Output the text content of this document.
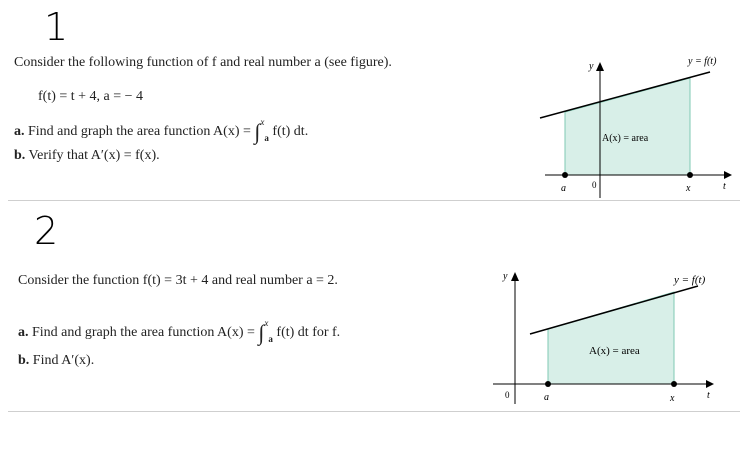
1
Consider the following function of f and real number a (see figure).
f(t) = t + 4, a = − 4
a. Find and graph the area function A(x) = ∫$^x_a$ f(t) dt.
b. Verify that A′(x) = f(x).
y = f(t)
A(x) = area
y
t
a	0	x
2
Consider the function f(t) = 3t + 4 and real number a = 2.
a. Find and graph the area function A(x) = ∫$^x_a$ f(t) dt for f.
b. Find A′(x).
y = f(t)
A(x) = area
y
t
a
0	x
